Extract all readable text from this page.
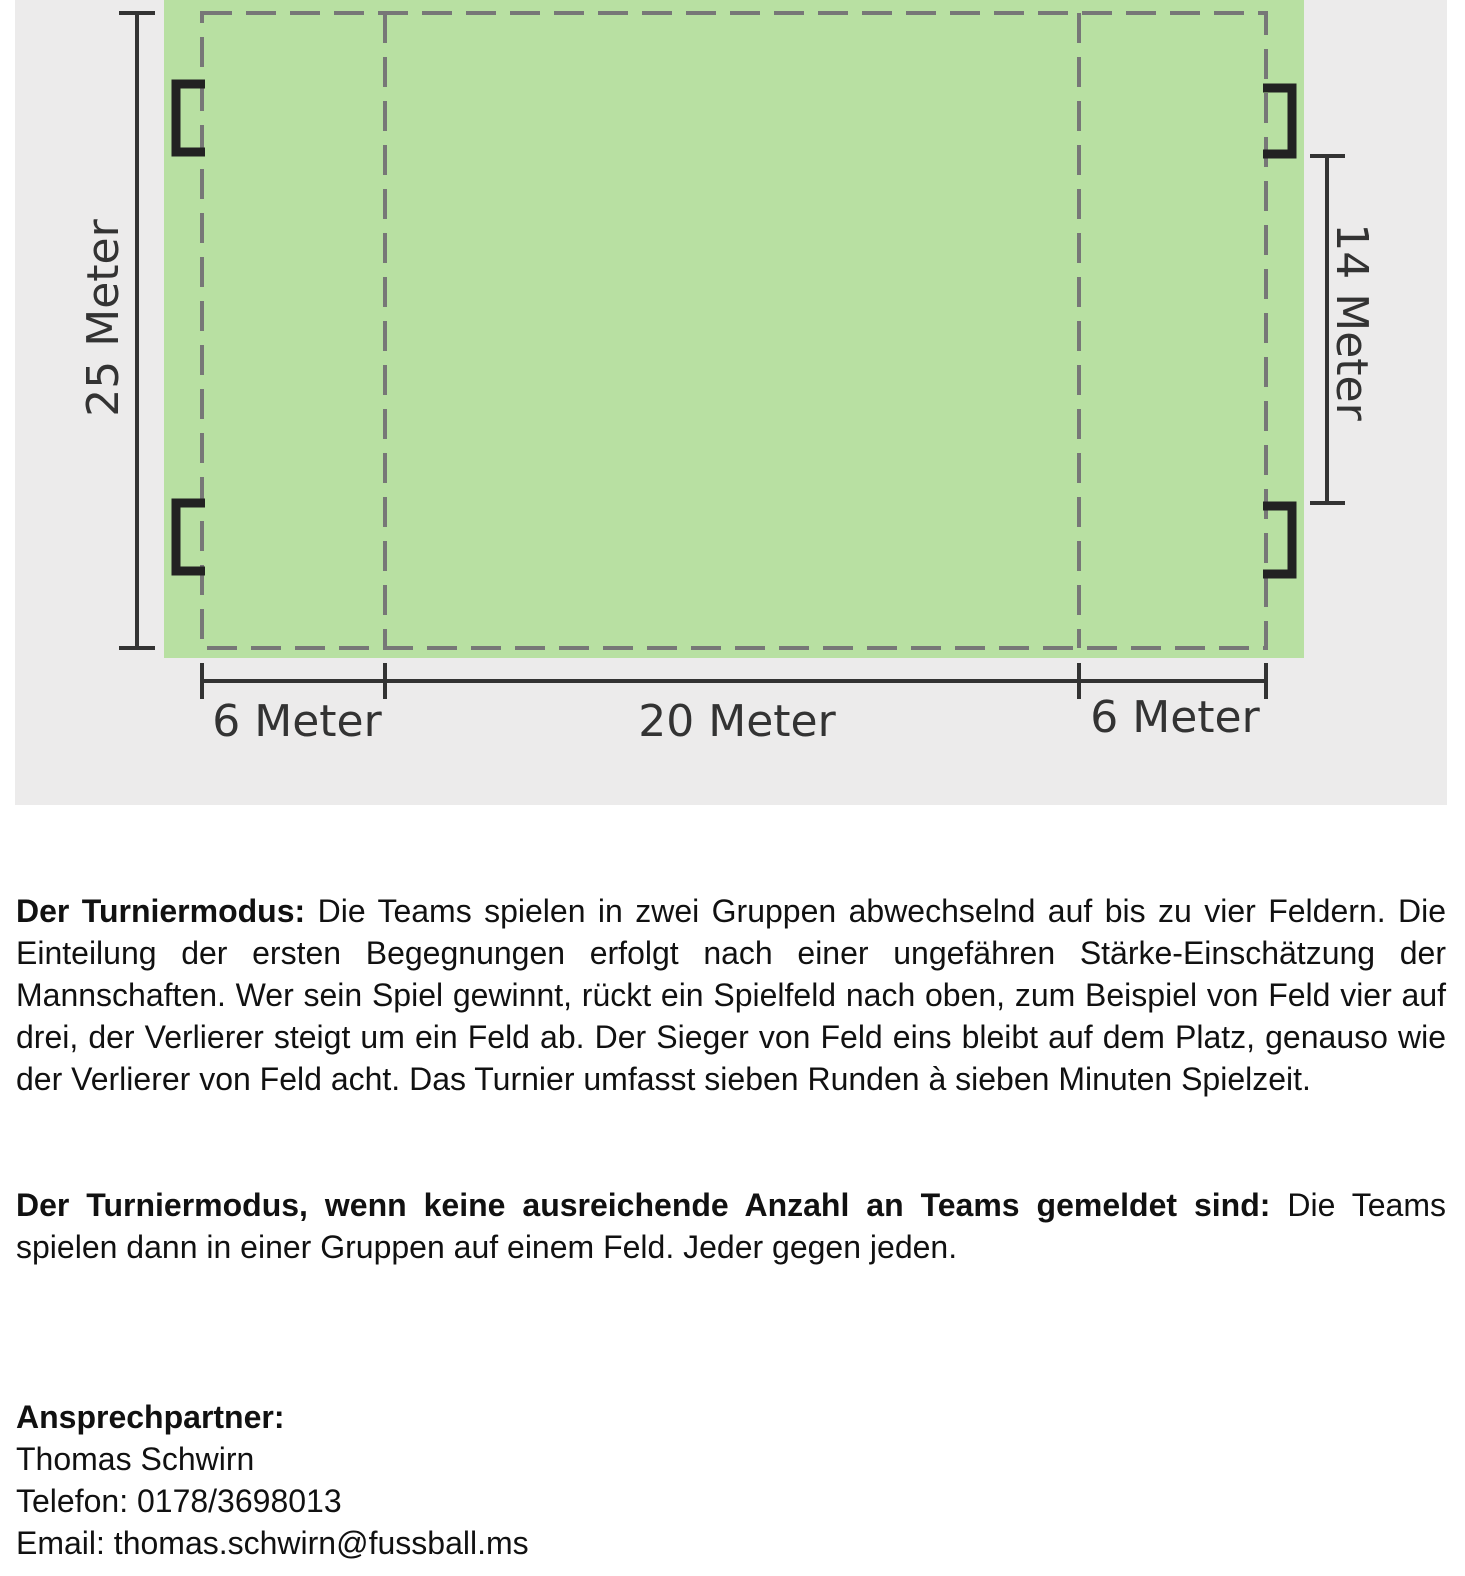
25 Meter	14 Meter
6 Meter	20 Meter	6 Meter

Der Turniermodus: Die Teams spielen in zwei Gruppen abwechselnd auf bis zu vier Feldern. Die Einteilung der ersten Begegnungen erfolgt nach einer ungefähren Stärke-Einschätzung der Mannschaften. Wer sein Spiel gewinnt, rückt ein Spielfeld nach oben, zum Beispiel von Feld vier auf drei, der Verlierer steigt um ein Feld ab. Der Sieger von Feld eins bleibt auf dem Platz, genauso wie der Verlierer von Feld acht. Das Turnier umfasst sieben Runden à sieben Minuten Spielzeit.

Der Turniermodus, wenn keine ausreichende Anzahl an Teams gemeldet sind: Die Teams spielen dann in einer Gruppen auf einem Feld. Jeder gegen jeden.

Ansprechpartner:
Thomas Schwirn
Telefon: 0178/3698013
Email: thomas.schwirn@fussball.ms
